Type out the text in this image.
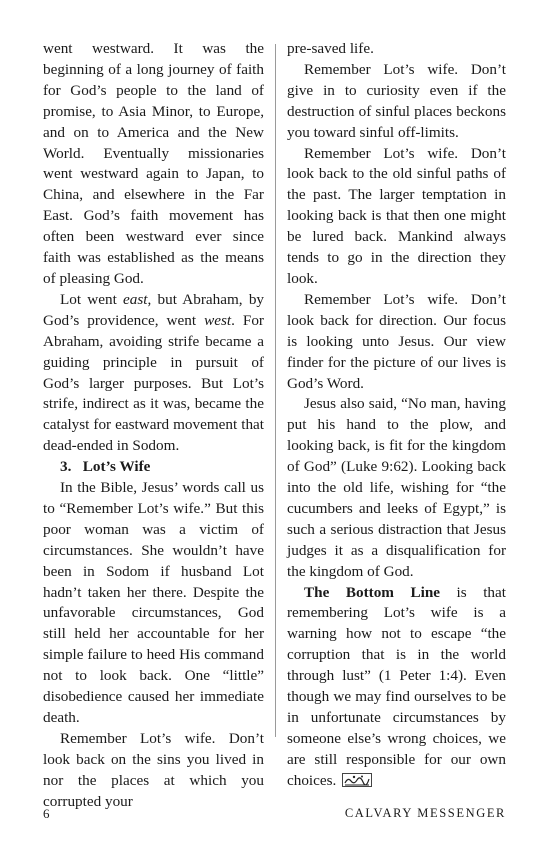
went westward. It was the beginning of a long journey of faith for God’s people to the land of promise, to Asia Minor, to Europe, and on to America and the New World. Eventually missionaries went westward again to Japan, to China, and elsewhere in the Far East. God’s faith movement has often been westward ever since faith was established as the means of pleasing God.

Lot went east, but Abraham, by God’s providence, went west. For Abraham, avoiding strife became a guiding principle in pursuit of God’s larger purposes. But Lot’s strife, indirect as it was, became the catalyst for eastward movement that dead-ended in Sodom.

3. Lot’s Wife

In the Bible, Jesus’ words call us to “Remember Lot’s wife.” But this poor woman was a victim of circumstances. She wouldn’t have been in Sodom if husband Lot hadn’t taken her there. Despite the unfavorable circumstances, God still held her accountable for her simple failure to heed His command not to look back. One “little” disobedience caused her immediate death.

Remember Lot’s wife. Don’t look back on the sins you lived in nor the places at which you corrupted your

pre-saved life.

Remember Lot’s wife. Don’t give in to curiosity even if the destruction of sinful places beckons you toward sinful off-limits.

Remember Lot’s wife. Don’t look back to the old sinful paths of the past. The larger temptation in looking back is that then one might be lured back. Mankind always tends to go in the direction they look.

Remember Lot’s wife. Don’t look back for direction. Our focus is looking unto Jesus. Our view finder for the picture of our lives is God’s Word.

Jesus also said, “No man, having put his hand to the plow, and looking back, is fit for the kingdom of God” (Luke 9:62). Looking back into the old life, wishing for “the cucumbers and leeks of Egypt,” is such a serious distraction that Jesus judges it as a disqualification for the kingdom of God.

The Bottom Line is that remembering Lot’s wife is a warning how not to escape “the corruption that is in the world through lust” (1 Peter 1:4). Even though we may find ourselves to be in unfortunate circumstances by someone else’s wrong choices, we are still responsible for our own choices.

6	CALVARY MESSENGER
